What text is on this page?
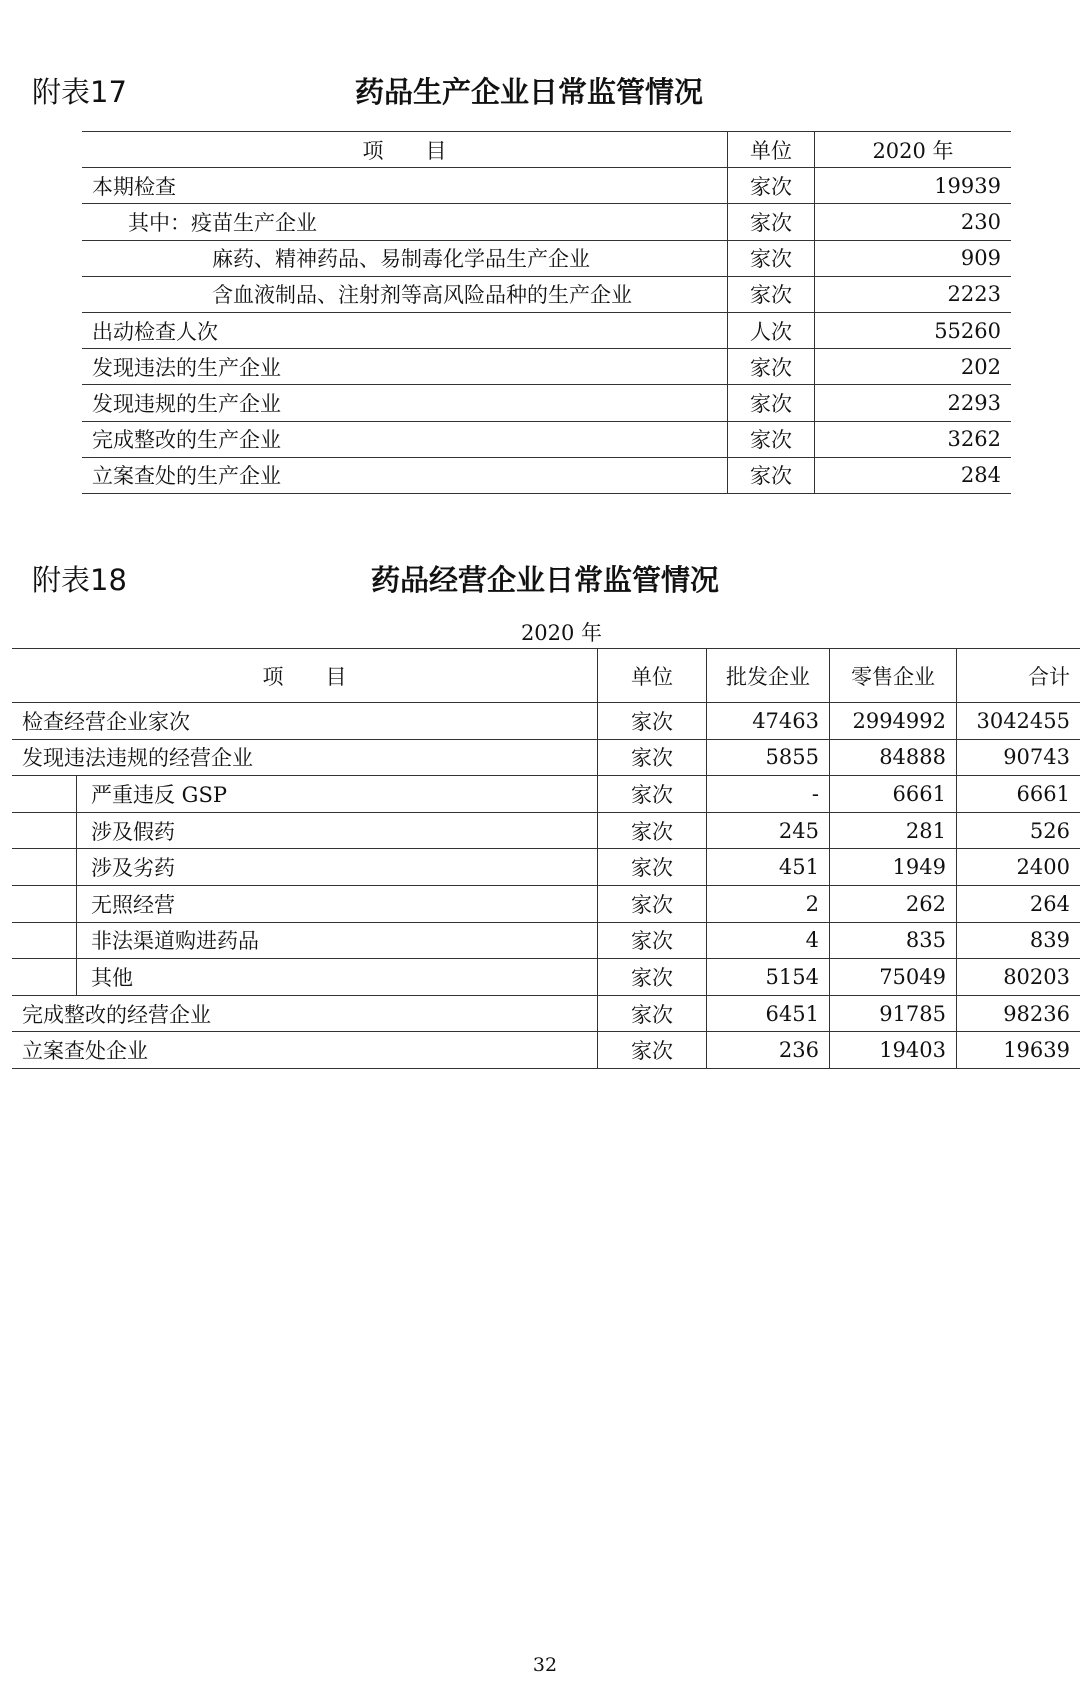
附表17	药品生产企业日常监管情况
项　　目	单位	2020 年
本期检查	家次	19939
其中：疫苗生产企业	家次	230
麻药、精神药品、易制毒化学品生产企业	家次	909
含血液制品、注射剂等高风险品种的生产企业	家次	2223
出动检查人次	人次	55260
发现违法的生产企业	家次	202
发现违规的生产企业	家次	2293
完成整改的生产企业	家次	3262
立案查处的生产企业	家次	284
附表18	药品经营企业日常监管情况
2020 年
项　　目		单位	批发企业	零售企业	合计
检查经营企业家次		家次	47463	2994992	3042455
发现违法违规的经营企业		家次	5855	84888	90743
	严重违反 GSP	家次	-	6661	6661
	涉及假药	家次	245	281	526
	涉及劣药	家次	451	1949	2400
	无照经营	家次	2	262	264
	非法渠道购进药品	家次	4	835	839
	其他	家次	5154	75049	80203
完成整改的经营企业		家次	6451	91785	98236
立案查处企业		家次	236	19403	19639
32
